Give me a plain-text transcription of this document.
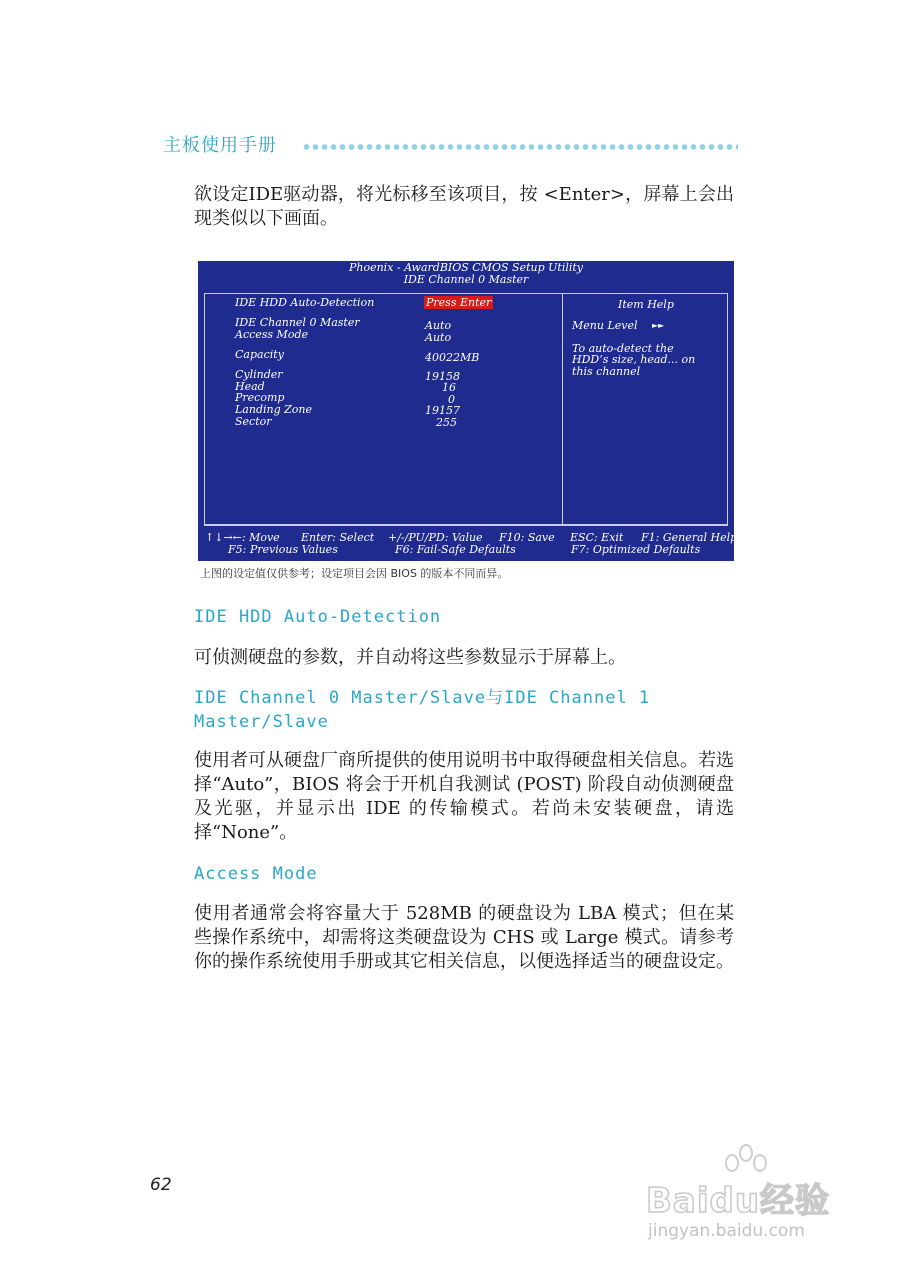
主板使用手册
欲设定IDE驱动器，将光标移至该项目，按 <Enter>，屏幕上会出现类似以下画面。
Phoenix - AwardBIOS CMOS Setup Utility
IDE Channel 0 Master
IDE HDD Auto-Detection	Press Enter
IDE Channel 0 Master	Auto
Access Mode	Auto
Capacity	40022MB
Cylinder	19158
Head	16
Precomp	0
Landing Zone	19157
Sector	255
Item Help
Menu Level ►►
To auto-detect the
HDD’s size, head... on
this channel
↑↓→←: Move Enter: Select +/-/PU/PD: Value F10: Save ESC: Exit F1: General Help
F5: Previous Values	F6: Fail-Safe Defaults	F7: Optimized Defaults
上图的设定值仅供参考；设定项目会因 BIOS 的版本不同而异。
IDE HDD Auto-Detection
可侦测硬盘的参数，并自动将这些参数显示于屏幕上。
IDE Channel 0 Master/Slave与IDE Channel 1 Master/Slave
使用者可从硬盘厂商所提供的使用说明书中取得硬盘相关信息。若选择“Auto”，BIOS 将会于开机自我测试 (POST) 阶段自动侦测硬盘及光驱，并显示出 IDE 的传输模式。若尚未安装硬盘，请选择“None”。
Access Mode
使用者通常会将容量大于 528MB 的硬盘设为 LBA 模式；但在某些操作系统中，却需将这类硬盘设为 CHS 或 Large 模式。请参考你的操作系统使用手册或其它相关信息，以便选择适当的硬盘设定。
62	Baidu经验
jingyan.baidu.com
